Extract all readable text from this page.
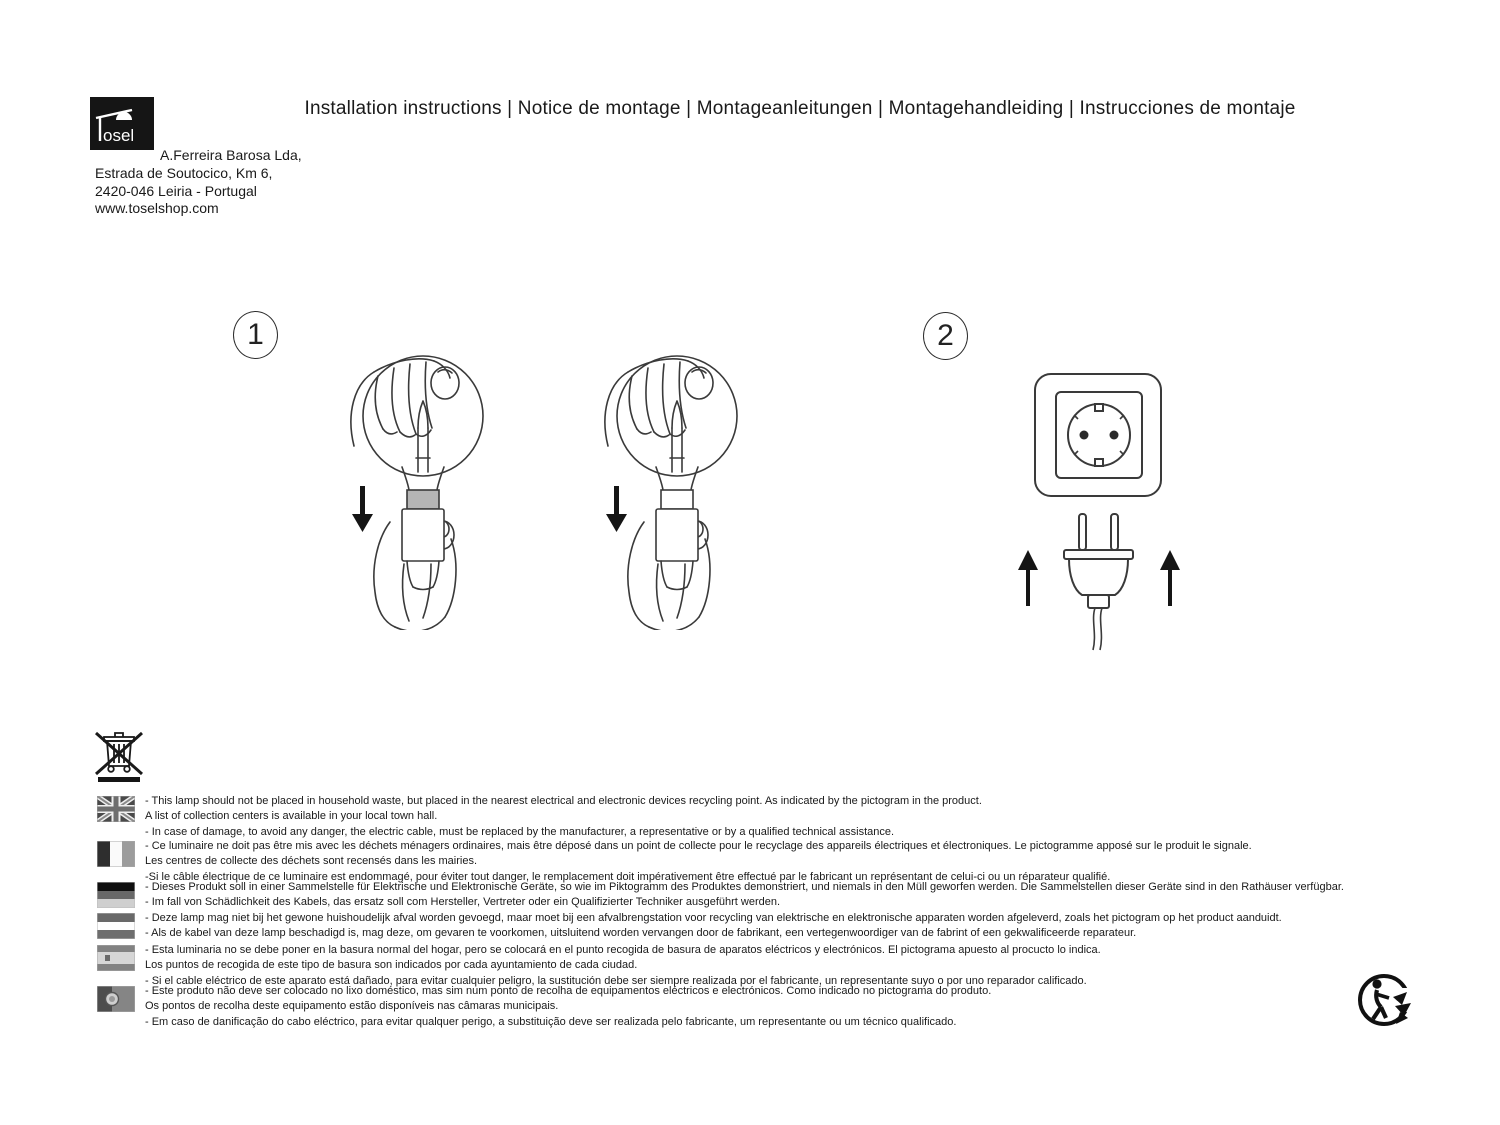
osel
Installation instructions | Notice de montage | Montageanleitungen | Montagehandleiding | Instrucciones de montaje
A.Ferreira Barosa Lda,
Estrada de Soutocico, Km 6,
2420-046 Leiria - Portugal
www.toselshop.com
1	2
- This lamp should not be placed in household waste, but placed in the nearest electrical and electronic devices recycling point. As indicated by the pictogram in the product.
A list of collection centers is available in your local town hall.
- In case of damage, to avoid any danger, the electric cable, must be replaced by the manufacturer, a representative or by a qualified technical assistance.
- Ce luminaire ne doit pas être mis avec les déchets ménagers ordinaires, mais être déposé dans un point de collecte pour le recyclage des appareils électriques et électroniques. Le pictogramme apposé sur le produit le signale.
Les centres de collecte des déchets sont recensés dans les mairies.
-Si le câble électrique de ce luminaire est endommagé, pour éviter tout danger, le remplacement doit impérativement être effectué par le fabricant un représentant de celui-ci ou un réparateur qualifié.
- Dieses Produkt soll in einer Sammelstelle für Elektrische und Elektronische Geräte, so wie im Piktogramm des Produktes demonstriert, und niemals in den Müll geworfen werden. Die Sammelstellen dieser Geräte sind in den Rathäuser verfügbar.
- Im fall von Schädlichkeit des Kabels, das ersatz soll com Hersteller, Vertreter oder ein Qualifizierter Techniker ausgeführt werden.
- Deze lamp mag niet bij het gewone huishoudelijk afval worden gevoegd, maar moet bij een afvalbrengstation voor recycling van elektrische en elektronische apparaten worden afgeleverd, zoals het pictogram op het product aanduidt.
- Als de kabel van deze lamp beschadigd is, mag deze, om gevaren te voorkomen, uitsluitend worden vervangen door de fabrikant, een vertegenwoordiger van de fabrint of een gekwalificeerde reparateur.
- Esta luminaria no se debe poner en la basura normal del hogar, pero se colocará en el punto recogida de basura de aparatos eléctricos y electrónicos. El pictograma apuesto al procucto lo indica.
Los puntos de recogida de este tipo de basura son indicados por cada ayuntamiento de cada ciudad.
- Si el cable eléctrico de este aparato está dañado, para evitar cualquier peligro, la sustitución debe ser siempre realizada por el fabricante, un representante suyo o por uno reparador calificado.
- Este produto não deve ser colocado no lixo doméstico, mas sim num ponto de recolha de equipamentos eléctricos e electrónicos. Como indicado no pictograma do produto.
Os pontos de recolha deste equipamento estão disponíveis nas câmaras municipais.
- Em caso de danificação do cabo eléctrico, para evitar qualquer perigo, a substituição deve ser realizada pelo fabricante, um representante ou um técnico qualificado.
